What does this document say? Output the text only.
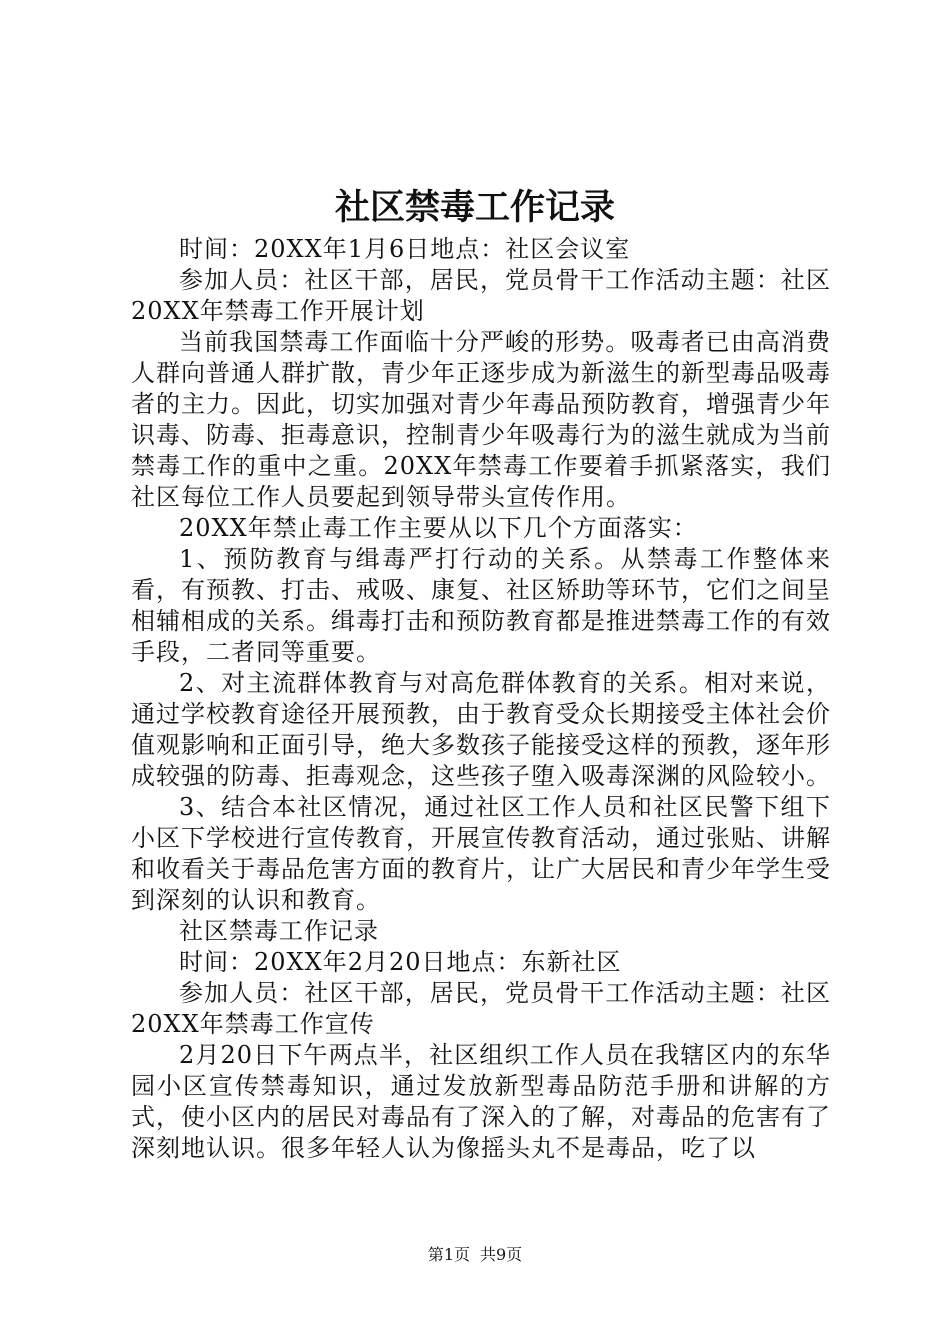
社区禁毒工作记录

时间：20XX年1月6日地点：社区会议室

参加人员：社区干部，居民，党员骨干工作活动主题：社区20XX年禁毒工作开展计划

当前我国禁毒工作面临十分严峻的形势。吸毒者已由高消费人群向普通人群扩散，青少年正逐步成为新滋生的新型毒品吸毒者的主力。因此，切实加强对青少年毒品预防教育，增强青少年识毒、防毒、拒毒意识，控制青少年吸毒行为的滋生就成为当前禁毒工作的重中之重。20XX年禁毒工作要着手抓紧落实，我们社区每位工作人员要起到领导带头宣传作用。

20XX年禁止毒工作主要从以下几个方面落实：

1、预防教育与缉毒严打行动的关系。从禁毒工作整体来看，有预教、打击、戒吸、康复、社区矫助等环节，它们之间呈相辅相成的关系。缉毒打击和预防教育都是推进禁毒工作的有效手段，二者同等重要。

2、对主流群体教育与对高危群体教育的关系。相对来说，通过学校教育途径开展预教，由于教育受众长期接受主体社会价值观影响和正面引导，绝大多数孩子能接受这样的预教，逐年形成较强的防毒、拒毒观念，这些孩子堕入吸毒深渊的风险较小。

3、结合本社区情况，通过社区工作人员和社区民警下组下小区下学校进行宣传教育，开展宣传教育活动，通过张贴、讲解和收看关于毒品危害方面的教育片，让广大居民和青少年学生受到深刻的认识和教育。

社区禁毒工作记录

时间：20XX年2月20日地点：东新社区

参加人员：社区干部，居民，党员骨干工作活动主题：社区20XX年禁毒工作宣传

2月20日下午两点半，社区组织工作人员在我辖区内的东华园小区宣传禁毒知识，通过发放新型毒品防范手册和讲解的方式，使小区内的居民对毒品有了深入的了解，对毒品的危害有了深刻地认识。很多年轻人认为像摇头丸不是毒品，吃了以

第1页 共9页
